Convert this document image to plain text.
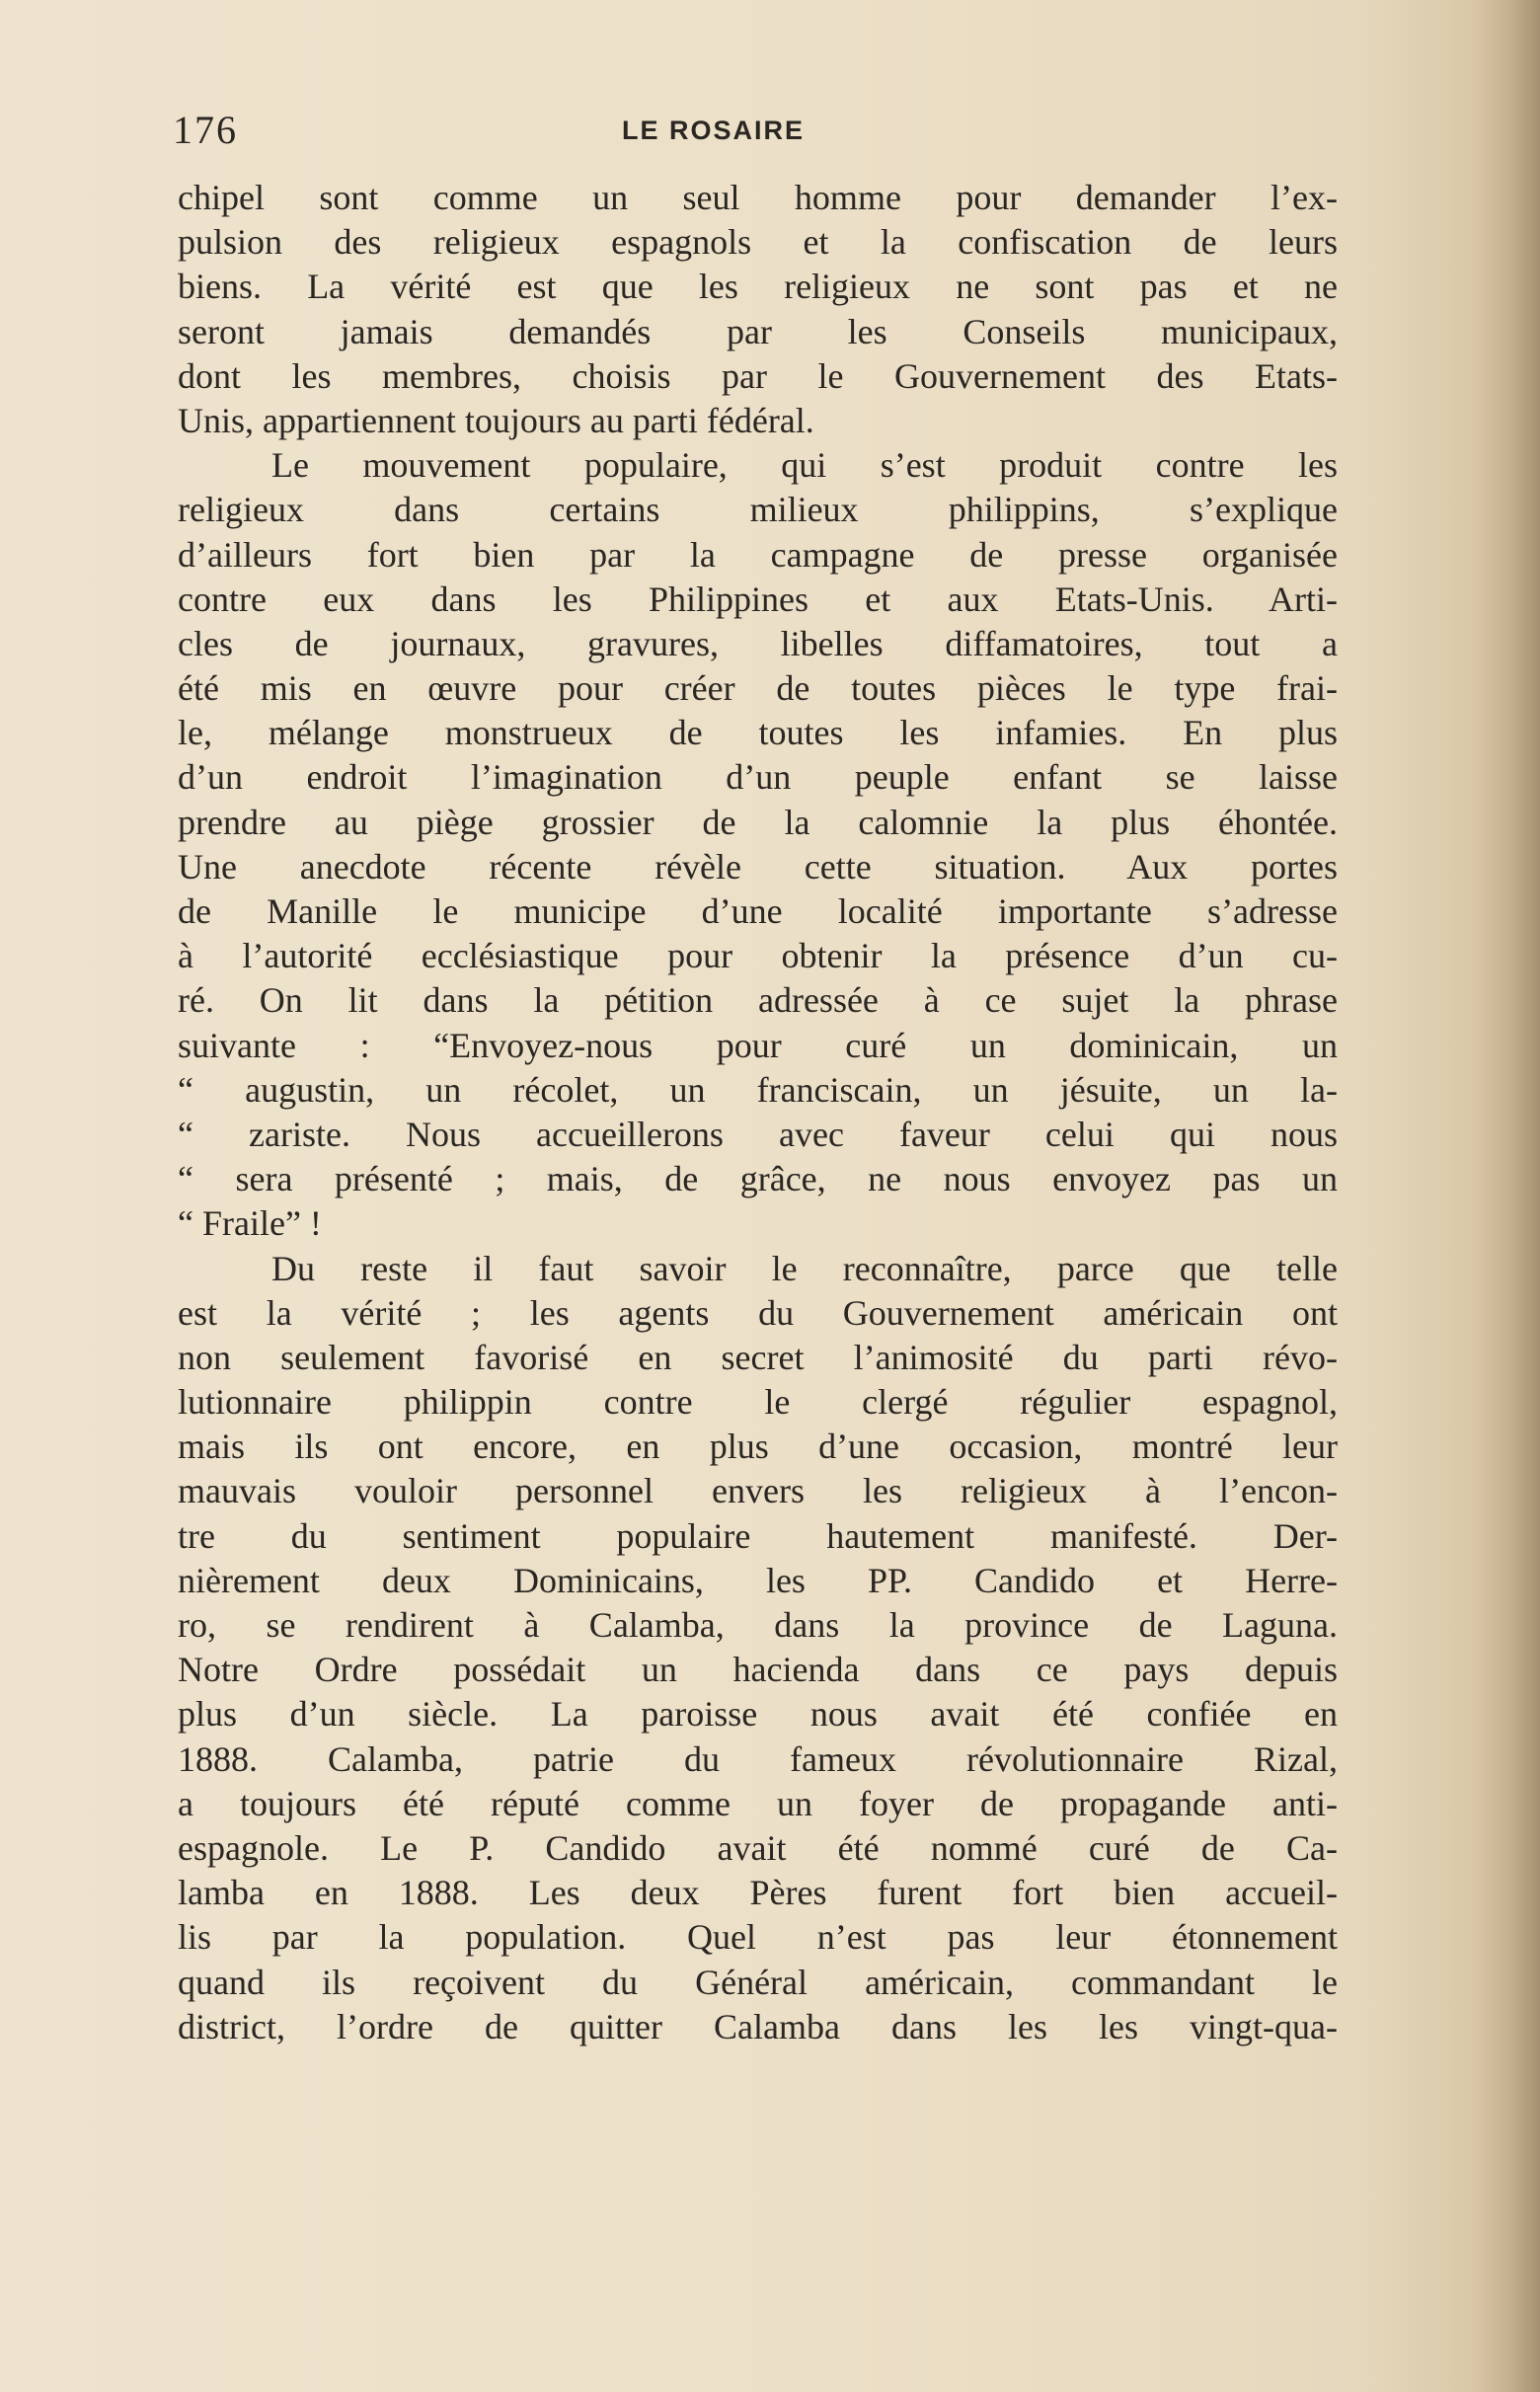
176	LE ROSAIRE
chipel sont comme un seul homme pour demander l’ex-
pulsion des religieux espagnols et la confiscation de leurs
biens. La vérité est que les religieux ne sont pas et ne
seront jamais demandés par les Conseils municipaux,
dont les membres, choisis par le Gouvernement des Etats-
Unis, appartiennent toujours au parti fédéral.
Le mouvement populaire, qui s’est produit contre les
religieux dans certains milieux philippins, s’explique
d’ailleurs fort bien par la campagne de presse organisée
contre eux dans les Philippines et aux Etats-Unis. Arti-
cles de journaux, gravures, libelles diffamatoires, tout a
été mis en œuvre pour créer de toutes pièces le type frai-
le, mélange monstrueux de toutes les infamies. En plus
d’un endroit l’imagination d’un peuple enfant se laisse
prendre au piège grossier de la calomnie la plus éhontée.
Une anecdote récente révèle cette situation. Aux portes
de Manille le municipe d’une localité importante s’adresse
à l’autorité ecclésiastique pour obtenir la présence d’un cu-
ré. On lit dans la pétition adressée à ce sujet la phrase
suivante : “Envoyez-nous pour curé un dominicain, un
“ augustin, un récolet, un franciscain, un jésuite, un la-
“ zariste. Nous accueillerons avec faveur celui qui nous
“ sera présenté ; mais, de grâce, ne nous envoyez pas un
“ Fraile” !
Du reste il faut savoir le reconnaître, parce que telle
est la vérité ; les agents du Gouvernement américain ont
non seulement favorisé en secret l’animosité du parti révo-
lutionnaire philippin contre le clergé régulier espagnol,
mais ils ont encore, en plus d’une occasion, montré leur
mauvais vouloir personnel envers les religieux à l’encon-
tre du sentiment populaire hautement manifesté. Der-
nièrement deux Dominicains, les PP. Candido et Herre-
ro, se rendirent à Calamba, dans la province de Laguna.
Notre Ordre possédait un hacienda dans ce pays depuis
plus d’un siècle. La paroisse nous avait été confiée en
1888. Calamba, patrie du fameux révolutionnaire Rizal,
a toujours été réputé comme un foyer de propagande anti-
espagnole. Le P. Candido avait été nommé curé de Ca-
lamba en 1888. Les deux Pères furent fort bien accueil-
lis par la population. Quel n’est pas leur étonnement
quand ils reçoivent du Général américain, commandant le
district, l’ordre de quitter Calamba dans les les vingt-qua-
